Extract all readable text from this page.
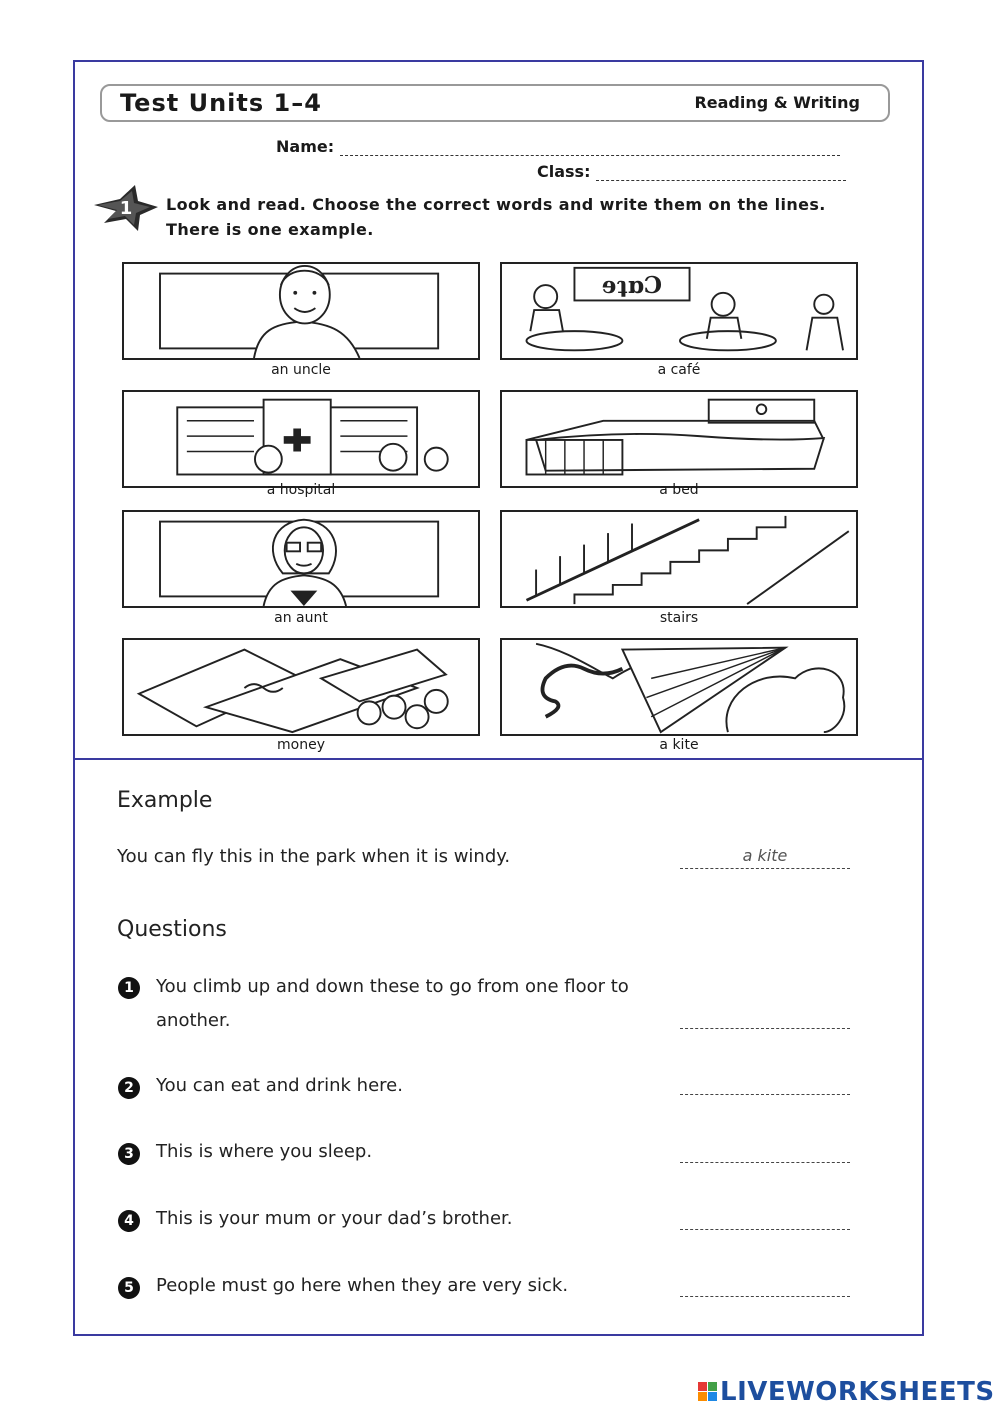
Test Units 1–4	Reading & Writing
Name:
Class:
1 Look and read. Choose the correct words and write them on the lines. There is one example.
an uncle
ɘʇɒƆ
a café
a hospital	a bed
an aunt	stairs
money	a kite
Example
You can fly this in the park when it is windy.	a kite
Questions
1	You climb up and down these to go from one floor to another.
2	You can eat and drink here.
3	This is where you sleep.
4	This is your mum or your dad’s brother.
5	People must go here when they are very sick.
LIVEWORKSHEETS
